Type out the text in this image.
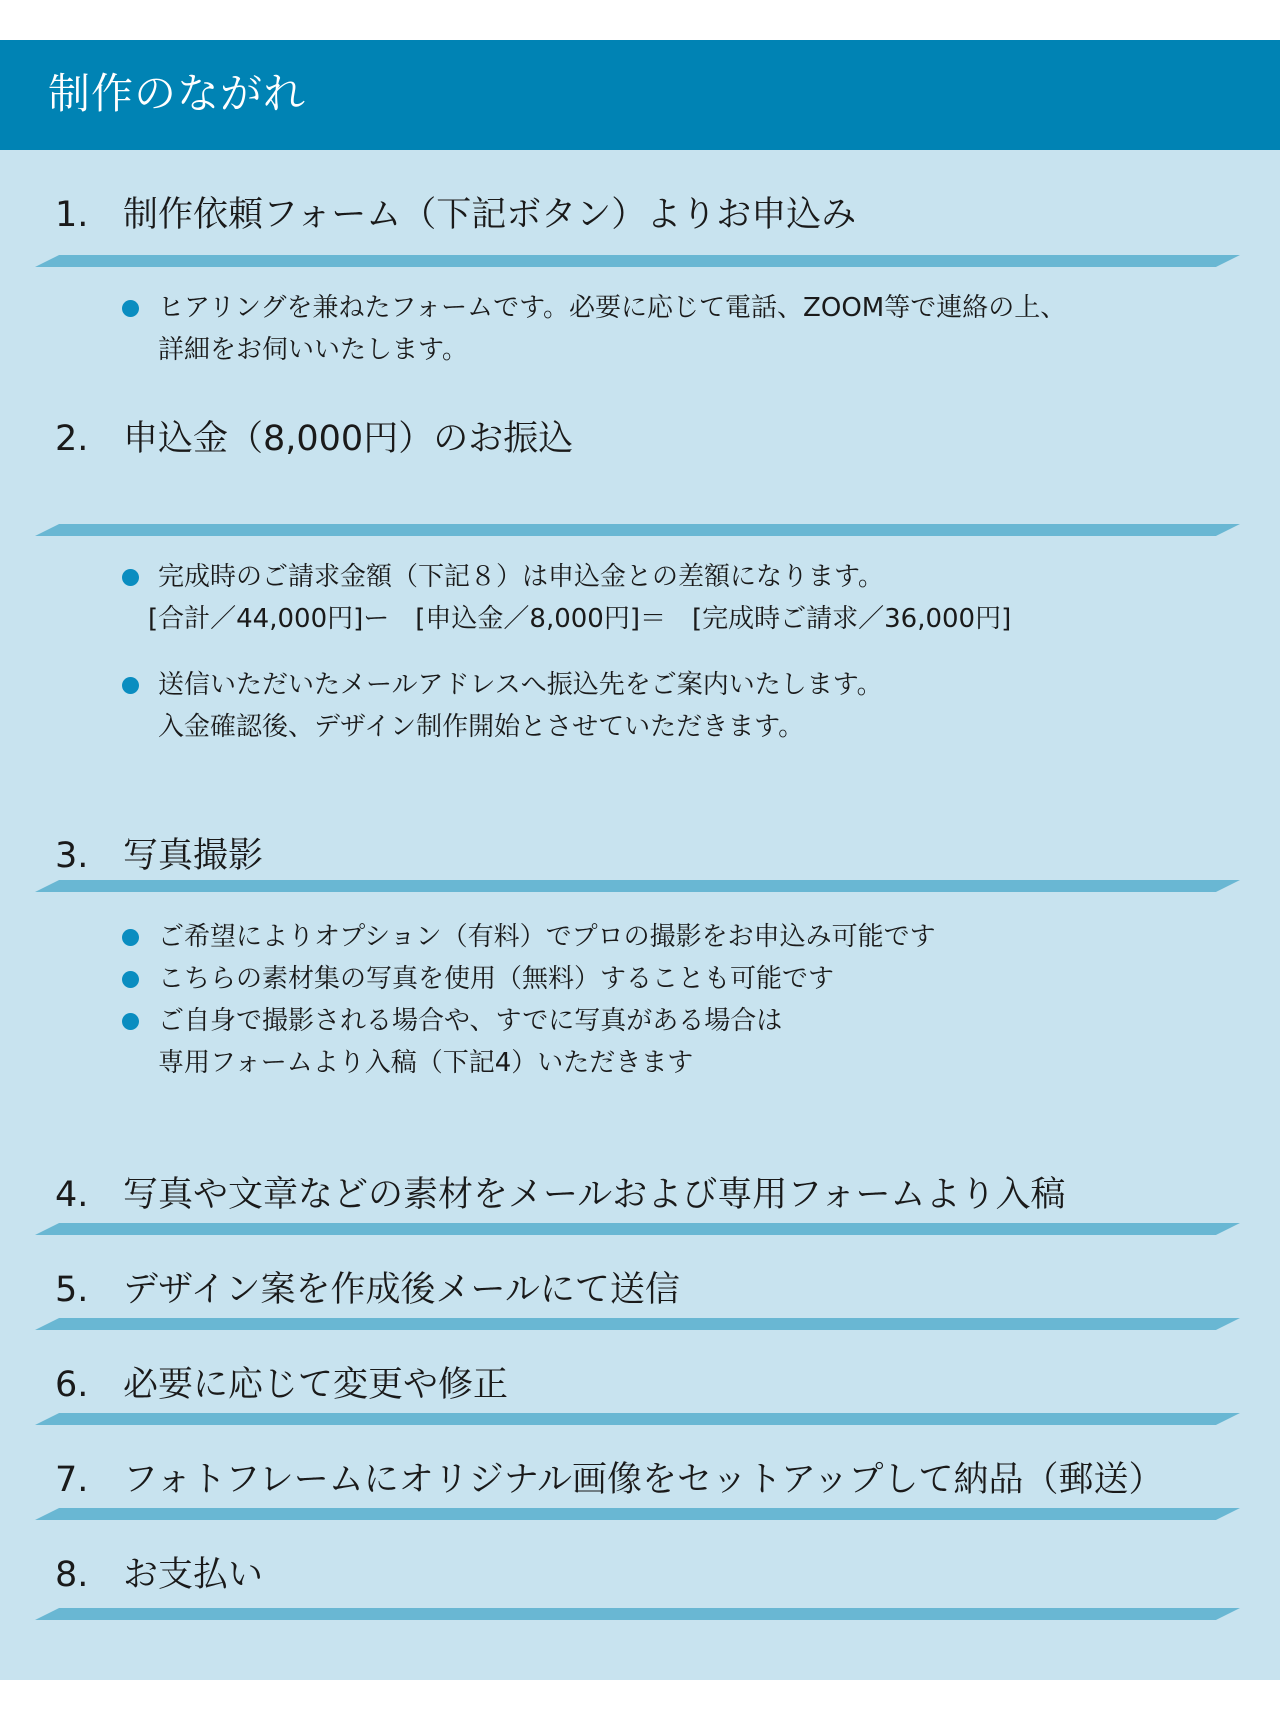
制作のながれ
1. 制作依頼フォーム（下記ボタン）よりお申込み
ヒアリングを兼ねたフォームです。必要に応じて電話、ZOOM等で連絡の上、
詳細をお伺いいたします。
2. 申込金（8,000円）のお振込
完成時のご請求金額（下記８）は申込金との差額になります。
[合計／44,000円]ー　[申込金／8,000円]＝　[完成時ご請求／36,000円]
送信いただいたメールアドレスへ振込先をご案内いたします。
入金確認後、デザイン制作開始とさせていただきます。
3. 写真撮影
ご希望によりオプション（有料）でプロの撮影をお申込み可能です
こちらの素材集の写真を使用（無料）することも可能です
ご自身で撮影される場合や、すでに写真がある場合は
専用フォームより入稿（下記4）いただきます
4. 写真や文章などの素材をメールおよび専用フォームより入稿
5. デザイン案を作成後メールにて送信
6. 必要に応じて変更や修正
7. フォトフレームにオリジナル画像をセットアップして納品（郵送）
8. お支払い
